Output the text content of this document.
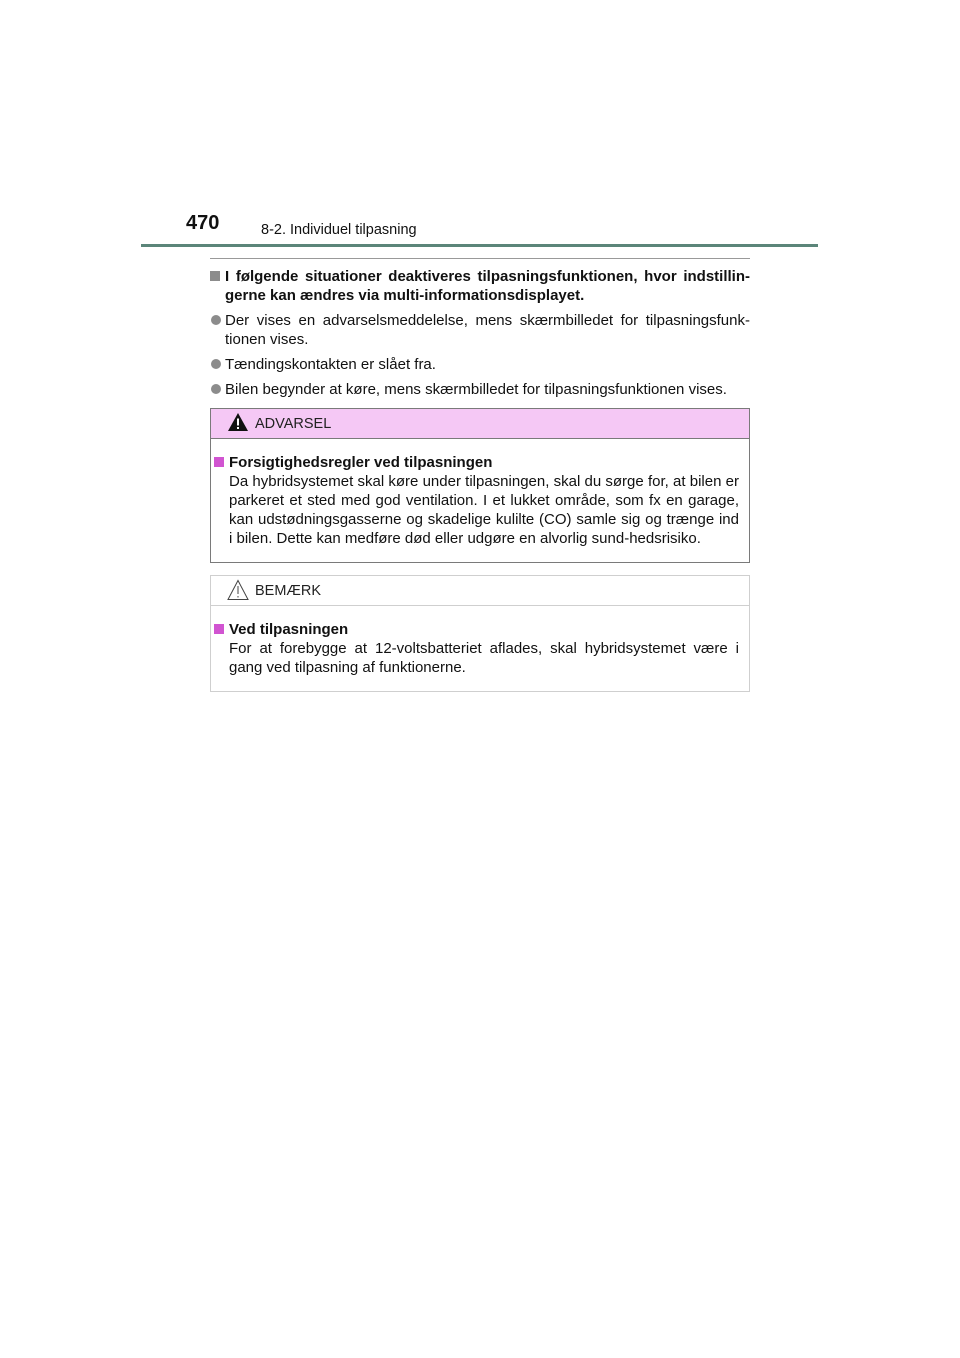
470	8-2. Individuel tilpasning
I følgende situationer deaktiveres tilpasningsfunktionen, hvor indstillin-gerne kan ændres via multi-informationsdisplayet.
Der vises en advarselsmeddelelse, mens skærmbilledet for tilpasningsfunk-tionen vises.
Tændingskontakten er slået fra.
Bilen begynder at køre, mens skærmbilledet for tilpasningsfunktionen vises.
ADVARSEL
Forsigtighedsregler ved tilpasningen
Da hybridsystemet skal køre under tilpasningen, skal du sørge for, at bilen er parkeret et sted med god ventilation. I et lukket område, som fx en garage, kan udstødningsgasserne og skadelige kulilte (CO) samle sig og trænge ind i bilen. Dette kan medføre død eller udgøre en alvorlig sund-hedsrisiko.
BEMÆRK
Ved tilpasningen
For at forebygge at 12-voltsbatteriet aflades, skal hybridsystemet være i gang ved tilpasning af funktionerne.
